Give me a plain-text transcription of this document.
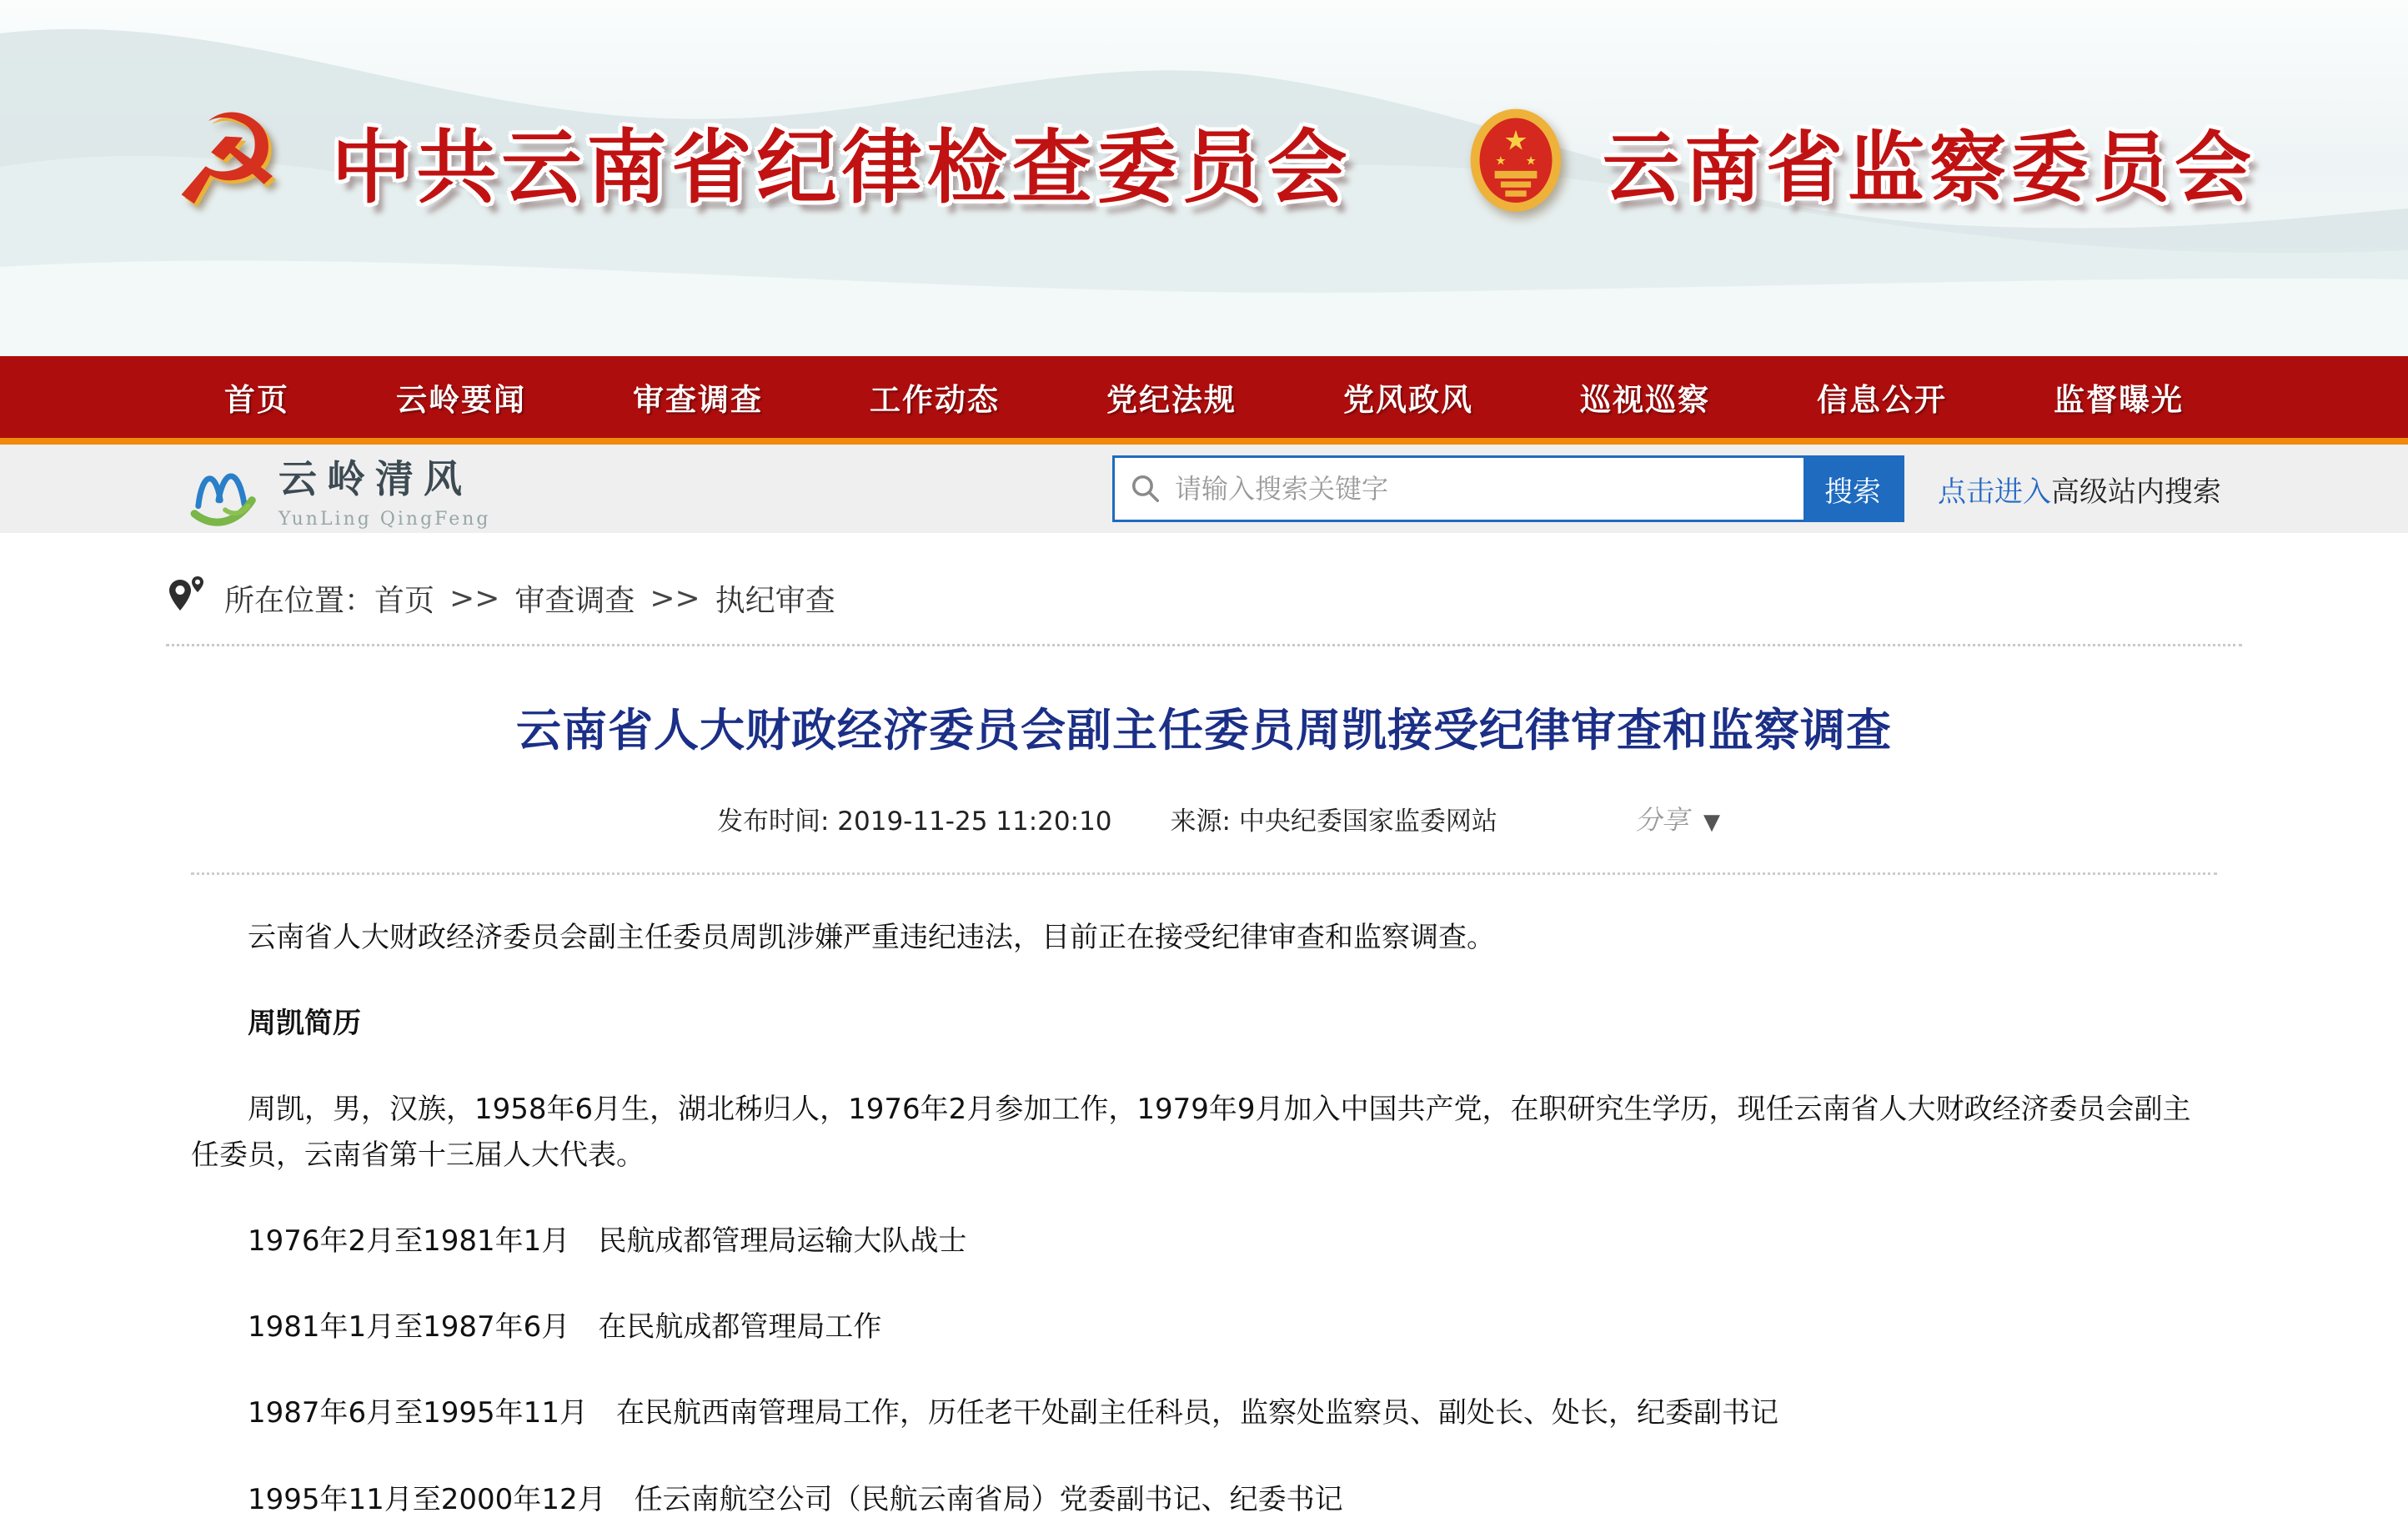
☭ 中共云南省纪律检查委员会	★
★	★ 云南省监察委员会
首页	云岭要闻	审查调查	工作动态	党纪法规	党风政风	巡视巡察	信息公开	监督曝光
云岭清风
YunLing QingFeng
请输入搜索关键字
搜索	点击进入高级站内搜索
所在位置： 首页 >> 审查调查 >> 执纪审查
云南省人大财政经济委员会副主任委员周凯接受纪律审查和监察调查
发布时间: 2019-11-25 11:20:10 来源: 中央纪委国家监委网站	分享 ▼

云南省人大财政经济委员会副主任委员周凯涉嫌严重违纪违法，目前正在接受纪律审查和监察调查。

周凯简历

周凯，男，汉族，1958年6月生，湖北秭归人，1976年2月参加工作，1979年9月加入中国共产党，在职研究生学历，现任云南省人大财政经济委员会副主任委员，云南省第十三届人大代表。

1976年2月至1981年1月　民航成都管理局运输大队战士

1981年1月至1987年6月　在民航成都管理局工作

1987年6月至1995年11月　在民航西南管理局工作，历任老干处副主任科员，监察处监察员、副处长、处长，纪委副书记

1995年11月至2000年12月　任云南航空公司（民航云南省局）党委副书记、纪委书记
